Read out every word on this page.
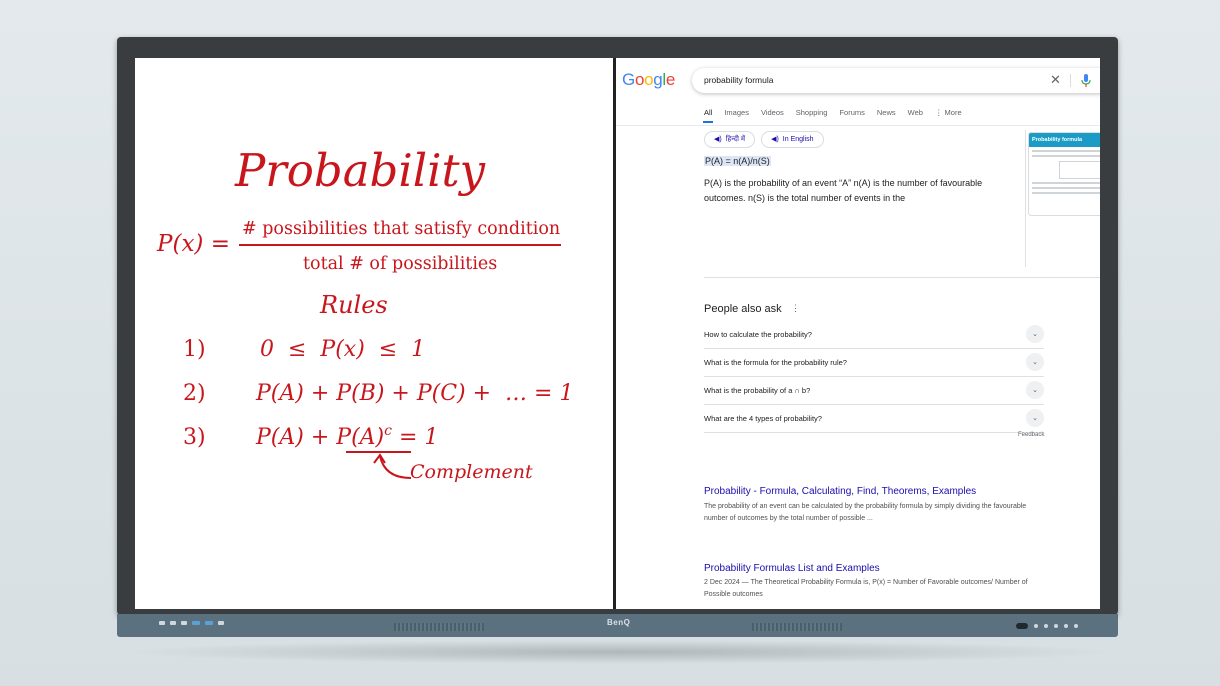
Probability
P(x) =
# possibilities that satisfy condition
total # of possibilities
Rules
1) 0  ≤  P(x)  ≤  1
2) P(A) + P(B) + P(C) +  … = 1
3) $P(A) + P(A)^c = 1$
Complement
Google	probability formula	✕
All Images Videos Shopping Forums News Web ⋮ More
◀) हिन्दी में	◀) In English
P(A) = n(A)/n(S)
P(A) is the probability of an event “A” n(A) is the number of favourable outcomes. n(S) is the total number of events in the
Probability formula
People also ask ⋮
How to calculate the probability?	⌄
What is the formula for the probability rule?	⌄
What is the probability of a ∩ b?	⌄
What are the 4 types of probability?	⌄
Feedback
Probability - Formula, Calculating, Find, Theorems, Examples
The probability of an event can be calculated by the probability formula by simply dividing the favourable number of outcomes by the total number of possible ...
Probability Formulas List and Examples
2 Dec 2024 — The Theoretical Probability Formula is, P(x) = Number of Favorable outcomes/ Number of Possible outcomes
BenQ
